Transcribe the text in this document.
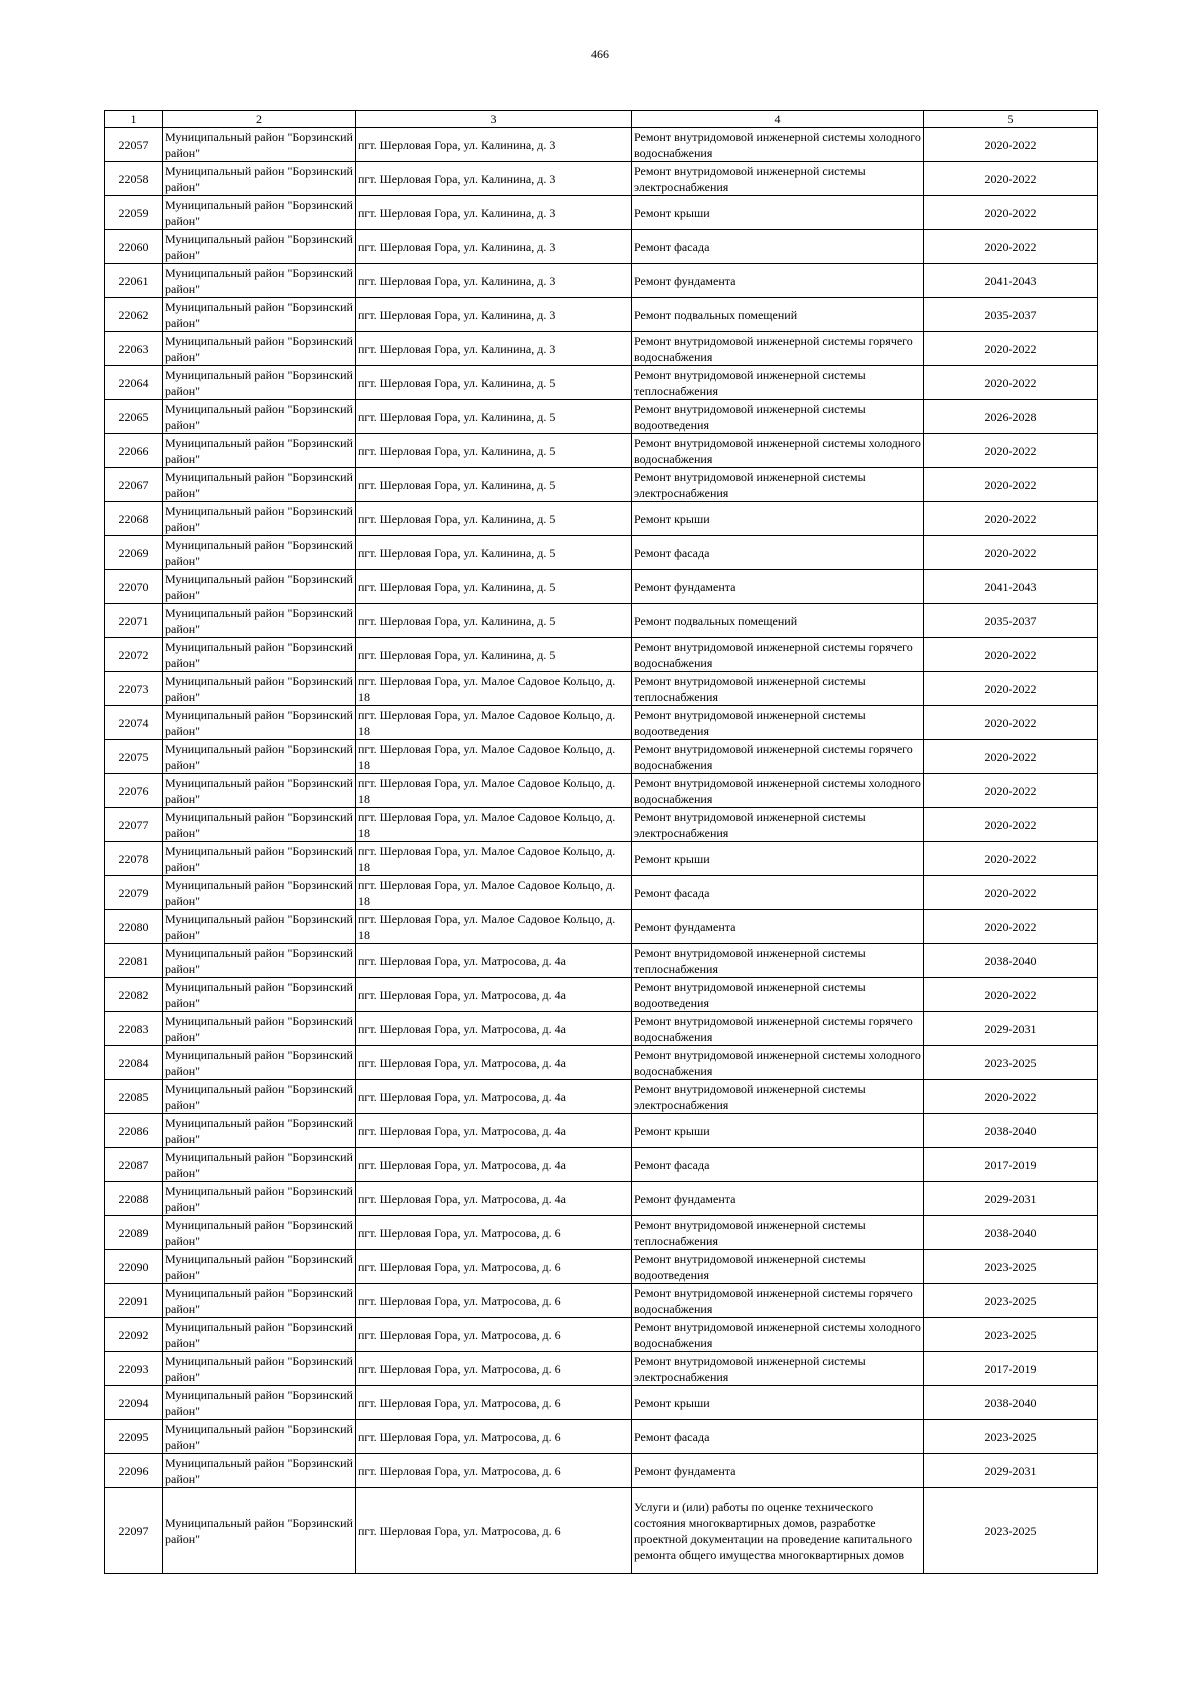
466
1	2	3	4	5
22057	Муниципальный район "Борзинский район"	пгт. Шерловая Гора, ул. Калинина, д. 3	Ремонт внутридомовой инженерной системы холодного водоснабжения	2020-2022
22058	Муниципальный район "Борзинский район"	пгт. Шерловая Гора, ул. Калинина, д. 3	Ремонт внутридомовой инженерной системы электроснабжения	2020-2022
22059	Муниципальный район "Борзинский район"	пгт. Шерловая Гора, ул. Калинина, д. 3	Ремонт крыши	2020-2022
22060	Муниципальный район "Борзинский район"	пгт. Шерловая Гора, ул. Калинина, д. 3	Ремонт фасада	2020-2022
22061	Муниципальный район "Борзинский район"	пгт. Шерловая Гора, ул. Калинина, д. 3	Ремонт фундамента	2041-2043
22062	Муниципальный район "Борзинский район"	пгт. Шерловая Гора, ул. Калинина, д. 3	Ремонт подвальных помещений	2035-2037
22063	Муниципальный район "Борзинский район"	пгт. Шерловая Гора, ул. Калинина, д. 3	Ремонт внутридомовой инженерной системы горячего водоснабжения	2020-2022
22064	Муниципальный район "Борзинский район"	пгт. Шерловая Гора, ул. Калинина, д. 5	Ремонт внутридомовой инженерной системы теплоснабжения	2020-2022
22065	Муниципальный район "Борзинский район"	пгт. Шерловая Гора, ул. Калинина, д. 5	Ремонт внутридомовой инженерной системы водоотведения	2026-2028
22066	Муниципальный район "Борзинский район"	пгт. Шерловая Гора, ул. Калинина, д. 5	Ремонт внутридомовой инженерной системы холодного водоснабжения	2020-2022
22067	Муниципальный район "Борзинский район"	пгт. Шерловая Гора, ул. Калинина, д. 5	Ремонт внутридомовой инженерной системы электроснабжения	2020-2022
22068	Муниципальный район "Борзинский район"	пгт. Шерловая Гора, ул. Калинина, д. 5	Ремонт крыши	2020-2022
22069	Муниципальный район "Борзинский район"	пгт. Шерловая Гора, ул. Калинина, д. 5	Ремонт фасада	2020-2022
22070	Муниципальный район "Борзинский район"	пгт. Шерловая Гора, ул. Калинина, д. 5	Ремонт фундамента	2041-2043
22071	Муниципальный район "Борзинский район"	пгт. Шерловая Гора, ул. Калинина, д. 5	Ремонт подвальных помещений	2035-2037
22072	Муниципальный район "Борзинский район"	пгт. Шерловая Гора, ул. Калинина, д. 5	Ремонт внутридомовой инженерной системы горячего водоснабжения	2020-2022
22073	Муниципальный район "Борзинский район"	пгт. Шерловая Гора, ул. Малое Садовое Кольцо, д. 18	Ремонт внутридомовой инженерной системы теплоснабжения	2020-2022
22074	Муниципальный район "Борзинский район"	пгт. Шерловая Гора, ул. Малое Садовое Кольцо, д. 18	Ремонт внутридомовой инженерной системы водоотведения	2020-2022
22075	Муниципальный район "Борзинский район"	пгт. Шерловая Гора, ул. Малое Садовое Кольцо, д. 18	Ремонт внутридомовой инженерной системы горячего водоснабжения	2020-2022
22076	Муниципальный район "Борзинский район"	пгт. Шерловая Гора, ул. Малое Садовое Кольцо, д. 18	Ремонт внутридомовой инженерной системы холодного водоснабжения	2020-2022
22077	Муниципальный район "Борзинский район"	пгт. Шерловая Гора, ул. Малое Садовое Кольцо, д. 18	Ремонт внутридомовой инженерной системы электроснабжения	2020-2022
22078	Муниципальный район "Борзинский район"	пгт. Шерловая Гора, ул. Малое Садовое Кольцо, д. 18	Ремонт крыши	2020-2022
22079	Муниципальный район "Борзинский район"	пгт. Шерловая Гора, ул. Малое Садовое Кольцо, д. 18	Ремонт фасада	2020-2022
22080	Муниципальный район "Борзинский район"	пгт. Шерловая Гора, ул. Малое Садовое Кольцо, д. 18	Ремонт фундамента	2020-2022
22081	Муниципальный район "Борзинский район"	пгт. Шерловая Гора, ул. Матросова, д. 4а	Ремонт внутридомовой инженерной системы теплоснабжения	2038-2040
22082	Муниципальный район "Борзинский район"	пгт. Шерловая Гора, ул. Матросова, д. 4а	Ремонт внутридомовой инженерной системы водоотведения	2020-2022
22083	Муниципальный район "Борзинский район"	пгт. Шерловая Гора, ул. Матросова, д. 4а	Ремонт внутридомовой инженерной системы горячего водоснабжения	2029-2031
22084	Муниципальный район "Борзинский район"	пгт. Шерловая Гора, ул. Матросова, д. 4а	Ремонт внутридомовой инженерной системы холодного водоснабжения	2023-2025
22085	Муниципальный район "Борзинский район"	пгт. Шерловая Гора, ул. Матросова, д. 4а	Ремонт внутридомовой инженерной системы электроснабжения	2020-2022
22086	Муниципальный район "Борзинский район"	пгт. Шерловая Гора, ул. Матросова, д. 4а	Ремонт крыши	2038-2040
22087	Муниципальный район "Борзинский район"	пгт. Шерловая Гора, ул. Матросова, д. 4а	Ремонт фасада	2017-2019
22088	Муниципальный район "Борзинский район"	пгт. Шерловая Гора, ул. Матросова, д. 4а	Ремонт фундамента	2029-2031
22089	Муниципальный район "Борзинский район"	пгт. Шерловая Гора, ул. Матросова, д. 6	Ремонт внутридомовой инженерной системы теплоснабжения	2038-2040
22090	Муниципальный район "Борзинский район"	пгт. Шерловая Гора, ул. Матросова, д. 6	Ремонт внутридомовой инженерной системы водоотведения	2023-2025
22091	Муниципальный район "Борзинский район"	пгт. Шерловая Гора, ул. Матросова, д. 6	Ремонт внутридомовой инженерной системы горячего водоснабжения	2023-2025
22092	Муниципальный район "Борзинский район"	пгт. Шерловая Гора, ул. Матросова, д. 6	Ремонт внутридомовой инженерной системы холодного водоснабжения	2023-2025
22093	Муниципальный район "Борзинский район"	пгт. Шерловая Гора, ул. Матросова, д. 6	Ремонт внутридомовой инженерной системы электроснабжения	2017-2019
22094	Муниципальный район "Борзинский район"	пгт. Шерловая Гора, ул. Матросова, д. 6	Ремонт крыши	2038-2040
22095	Муниципальный район "Борзинский район"	пгт. Шерловая Гора, ул. Матросова, д. 6	Ремонт фасада	2023-2025
22096	Муниципальный район "Борзинский район"	пгт. Шерловая Гора, ул. Матросова, д. 6	Ремонт фундамента	2029-2031
22097	Муниципальный район "Борзинский район"	пгт. Шерловая Гора, ул. Матросова, д. 6	Услуги и (или) работы по оценке технического состояния многоквартирных домов, разработке проектной документации на проведение капитального ремонта общего имущества многоквартирных домов	2023-2025
